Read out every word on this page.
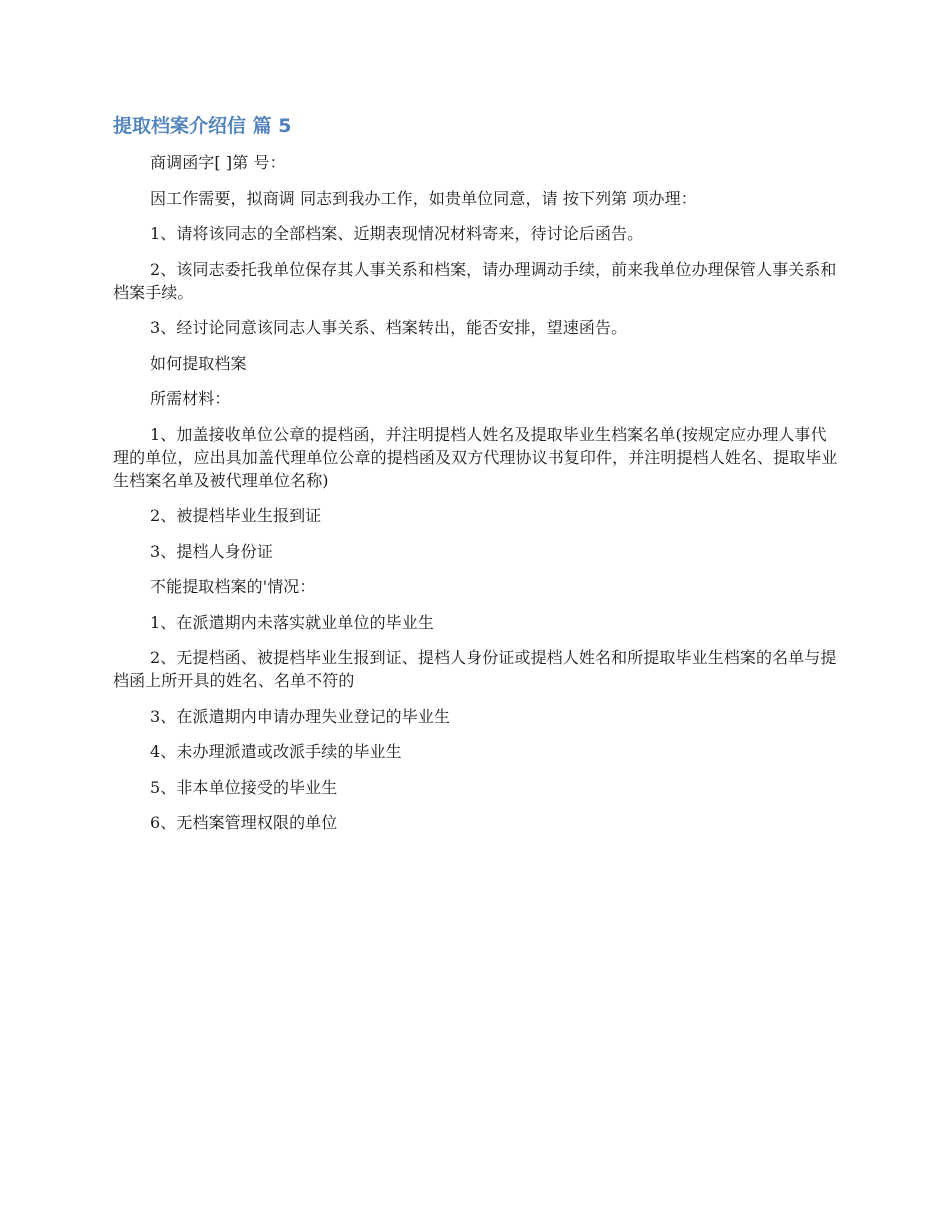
提取档案介绍信 篇 5

商调函字[ ]第 号：

因工作需要，拟商调 同志到我办工作，如贵单位同意，请 按下列第 项办理：

1、请将该同志的全部档案、近期表现情况材料寄来，待讨论后函告。

2、该同志委托我单位保存其人事关系和档案，请办理调动手续，前来我单位办理保管人事关系和档案手续。

3、经讨论同意该同志人事关系、档案转出，能否安排，望速函告。

如何提取档案

所需材料：

1、加盖接收单位公章的提档函，并注明提档人姓名及提取毕业生档案名单(按规定应办理人事代理的单位，应出具加盖代理单位公章的提档函及双方代理协议书复印件，并注明提档人姓名、提取毕业生档案名单及被代理单位名称)

2、被提档毕业生报到证

3、提档人身份证

不能提取档案的'情况：

1、在派遣期内未落实就业单位的毕业生

2、无提档函、被提档毕业生报到证、提档人身份证或提档人姓名和所提取毕业生档案的名单与提档函上所开具的姓名、名单不符的

3、在派遣期内申请办理失业登记的毕业生

4、未办理派遣或改派手续的毕业生

5、非本单位接受的毕业生

6、无档案管理权限的单位
